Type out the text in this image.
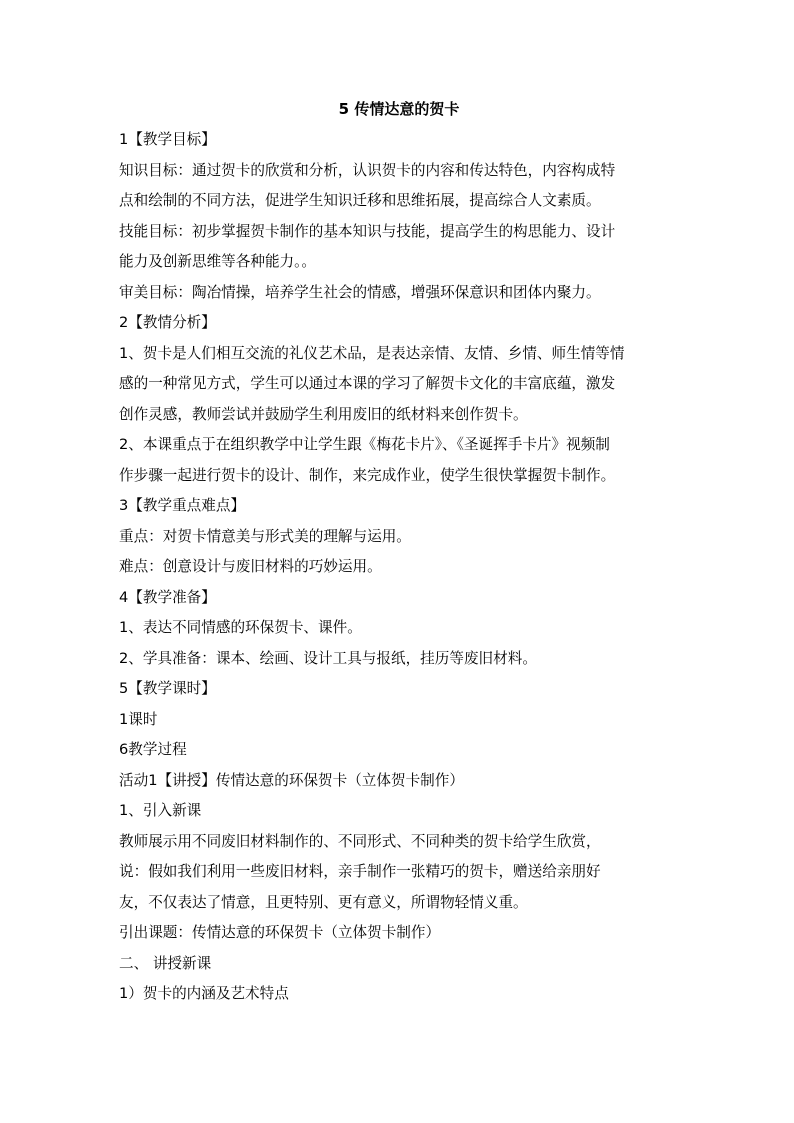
5 传情达意的贺卡

1【教学目标】

知识目标：通过贺卡的欣赏和分析，认识贺卡的内容和传达特色，内容构成特

点和绘制的不同方法，促进学生知识迁移和思维拓展，提高综合人文素质。

技能目标：初步掌握贺卡制作的基本知识与技能，提高学生的构思能力、设计

能力及创新思维等各种能力。。

审美目标：陶冶情操，培养学生社会的情感，增强环保意识和团体内聚力。

2【教情分析】

1、贺卡是人们相互交流的礼仪艺术品，是表达亲情、友情、乡情、师生情等情

感的一种常见方式，学生可以通过本课的学习了解贺卡文化的丰富底蕴，激发

创作灵感，教师尝试并鼓励学生利用废旧的纸材料来创作贺卡。

2、本课重点于在组织教学中让学生跟《梅花卡片》、《圣诞挥手卡片》视频制

作步骤一起进行贺卡的设计、制作，来完成作业，使学生很快掌握贺卡制作。

3【教学重点难点】

重点：对贺卡情意美与形式美的理解与运用。

难点：创意设计与废旧材料的巧妙运用。

4【教学准备】

1、表达不同情感的环保贺卡、课件。

2、学具准备：课本、绘画、设计工具与报纸，挂历等废旧材料。

5【教学课时】

1课时

6教学过程

活动1【讲授】传情达意的环保贺卡（立体贺卡制作）

1、引入新课

教师展示用不同废旧材料制作的、不同形式、不同种类的贺卡给学生欣赏，

说：假如我们利用一些废旧材料，亲手制作一张精巧的贺卡，赠送给亲朋好

友，不仅表达了情意，且更特别、更有意义，所谓物轻情义重。

引出课题：传情达意的环保贺卡（立体贺卡制作）

二、 讲授新课

1）贺卡的内涵及艺术特点
